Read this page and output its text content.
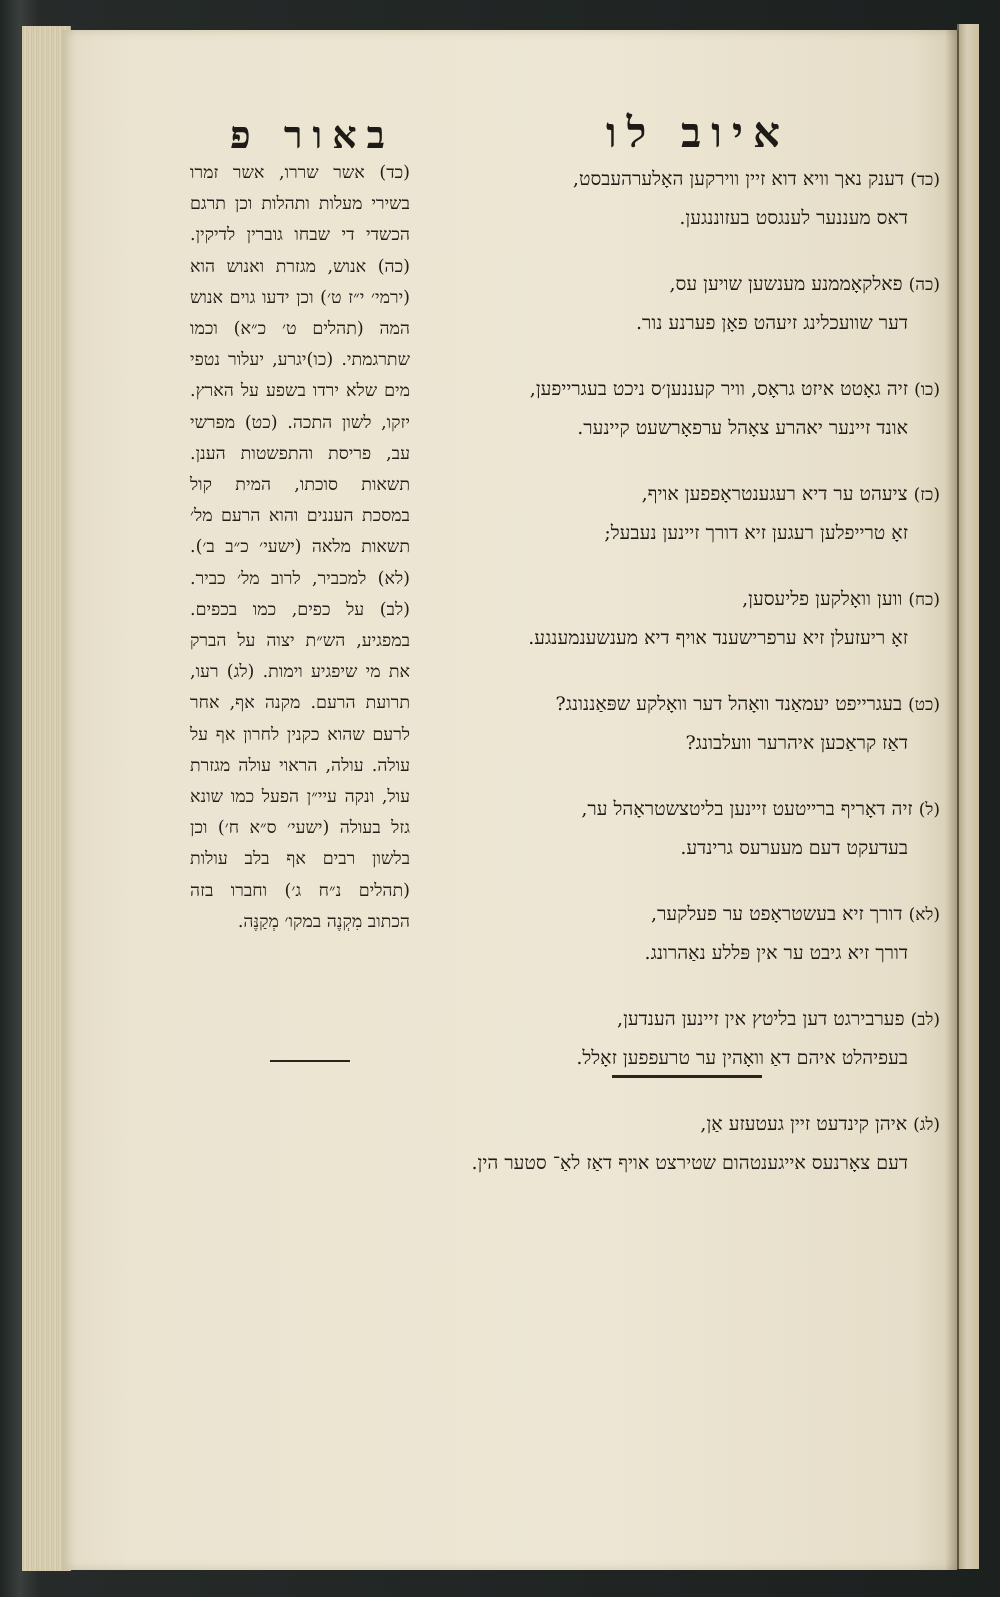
באור פ	איוב לו
(כד) אשר שררו, אשר זמרו בשירי מעלות ותהלות וכן תרגם הכשדי די שבחו גוברין לדיקין.(כה) אנוש, מגזרת ואנוש הוא (ירמי׳ י״ז ט׳) וכן ידעו גוים אנוש המה (תהלים ט׳ כ״א) וכמו שתרגמתי. (כו)יגרע, יעלור נטפי מים שלא ירדו בשפע על הארץ. יזקו, לשון התכה. (כט) מפרשי עב, פריסת והתפשטות הענן. תשאות סוכתו, המית קול במסכת העננים והוא הרעם מל׳ תשאות מלאה (ישעי׳ כ״ב ב׳). (לא) למכביר, לרוב מל׳ כביר. (לב) על כפים, כמו בכפים. במפגיע, הש״ת יצוה על הברק את מי שיפגיע וימות. (לג) רעו, תרועת הרעם. מקנה אף, אחר לרעם שהוא כקנין לחרון אף על עולה. עולה, הראוי עולה מגזרת עול, ונקה עיי״ן הפעל כמו שונא גזל בעולה (ישעי׳ ס״א ח׳) וכן בלשון רבים אף בלב עולות (תהלים נ״ח ג׳) וחברו בזה הכתוב מִקְנֶה במקו׳ מְקַנֶּה.
(כד) דענק נאך וויא דוא זיין ווירקען האָלערהעבסט,
דאס מעננער לענגסט בעזוננגען.
(כה) פאלקאָממנע מענשען שויען עס,
דער שוועכלינג זיעהט פאָן פערנע נור.
(כו) זיה גאָטט איזט גראָס, וויר קעננען׳ס ניכט בעגרייפען,
אונד זיינער יאהרע צאָהל ערפאָרשעט קיינער.
(כז) ציעהט ער דיא רעגענטראָפפען אויף,
זאָ טרייפלען רעגען זיא דורך זיינען נעבעל;
(כח) ווען וואָלקען פליעסען,
זאָ ריעזעלן זיא ערפרישענד אויף דיא מענשענמענגע.
(כט) בעגרייפט יעמאַנד וואָהל דער וואָלקע שפּאַננונג?
דאַז קראַכען איהרער וועלבונג?
(ל) זיה דאָריף ברייטעט זיינען בליטצשטראָהל ער,
בעדעקט דעם מעערעס גרינדע.
(לא) דורך זיא בעשטראָפט ער פעלקער,
דורך זיא גיבט ער אין פּללע נאַהרונג.
(לב) פערבירגט דען בליטץ אין זיינען הענדען,
בעפיהלט איהם דאַ וואָהין ער טרעפפען זאָלל.
(לג) איהן קינדעט זיין געטעזע אַן,
דעם צאָרנעס אייגענטהום שטירצט אויף דאַז לאַ־ סטער הין.
